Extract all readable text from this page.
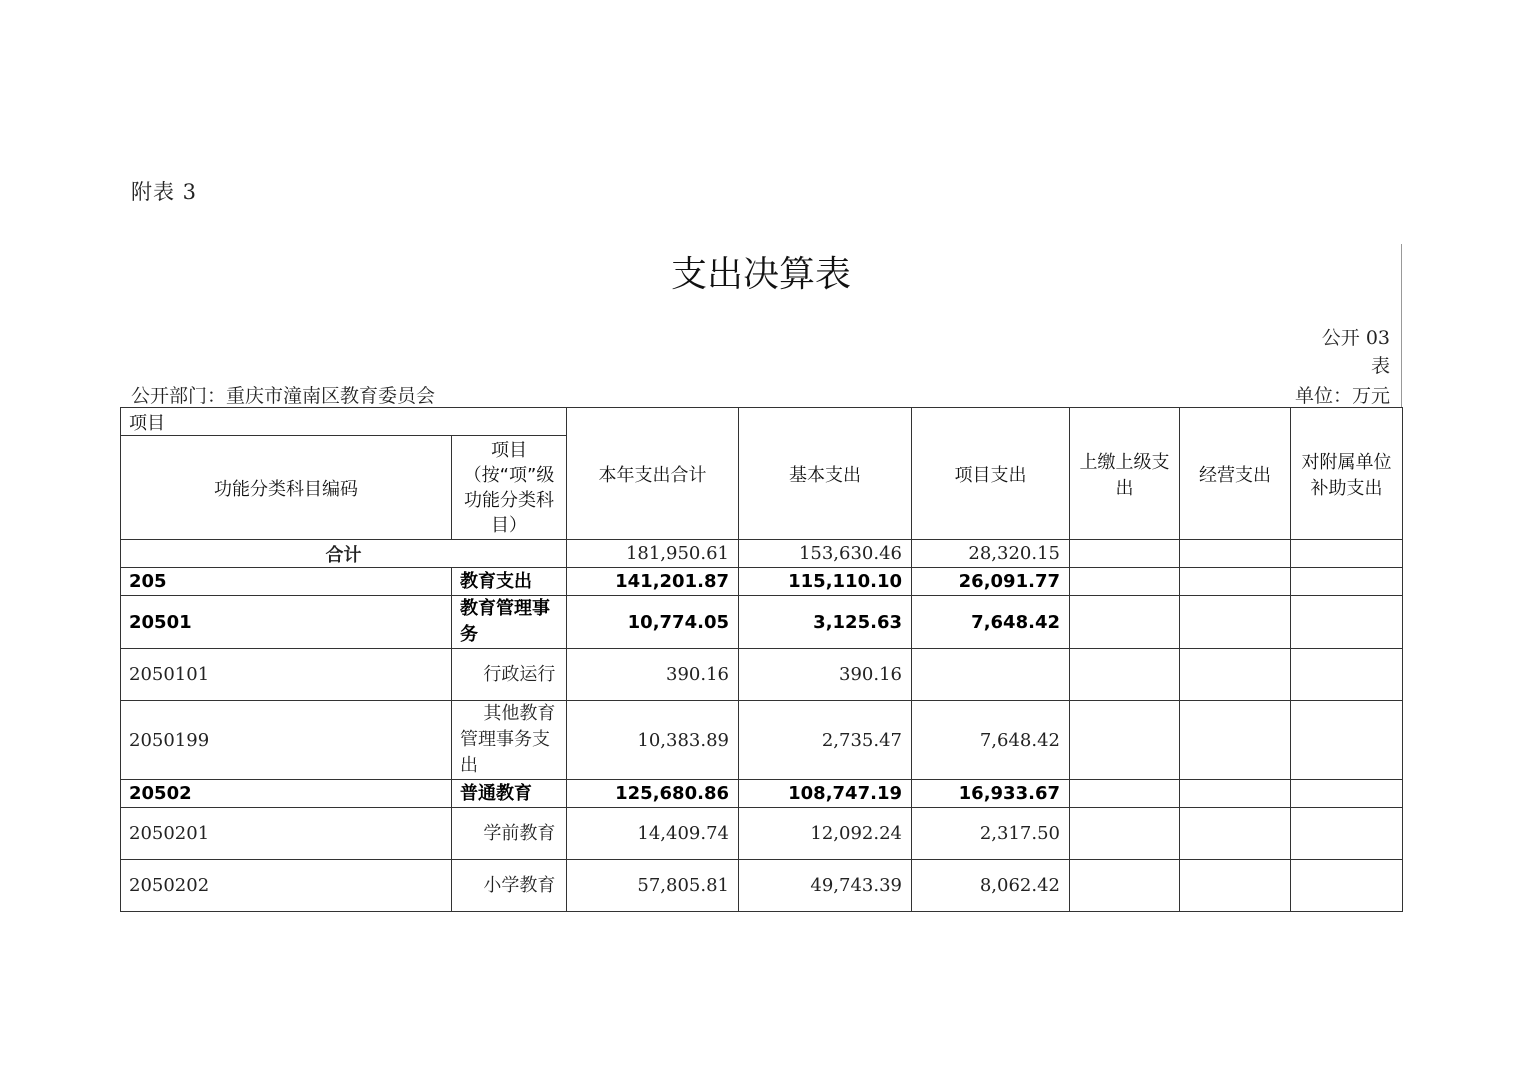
附表 3
支出决算表
公开 03
表
公开部门：重庆市潼南区教育委员会	单位：万元
项目		本年支出合计	基本支出	项目支出	上缴上级支出	经营支出	对附属单位补助支出
功能分类科目编码	项目（按“项”级功能分类科目）						
合计		181,950.61	153,630.46	28,320.15			
205	教育支出	141,201.87	115,110.10	26,091.77			
20501	教育管理事务	10,774.05	3,125.63	7,648.42			
2050101	行政运行	390.16	390.16				
2050199	其他教育管理事务支出	10,383.89	2,735.47	7,648.42			
20502	普通教育	125,680.86	108,747.19	16,933.67			
2050201	学前教育	14,409.74	12,092.24	2,317.50			
2050202	小学教育	57,805.81	49,743.39	8,062.42			
